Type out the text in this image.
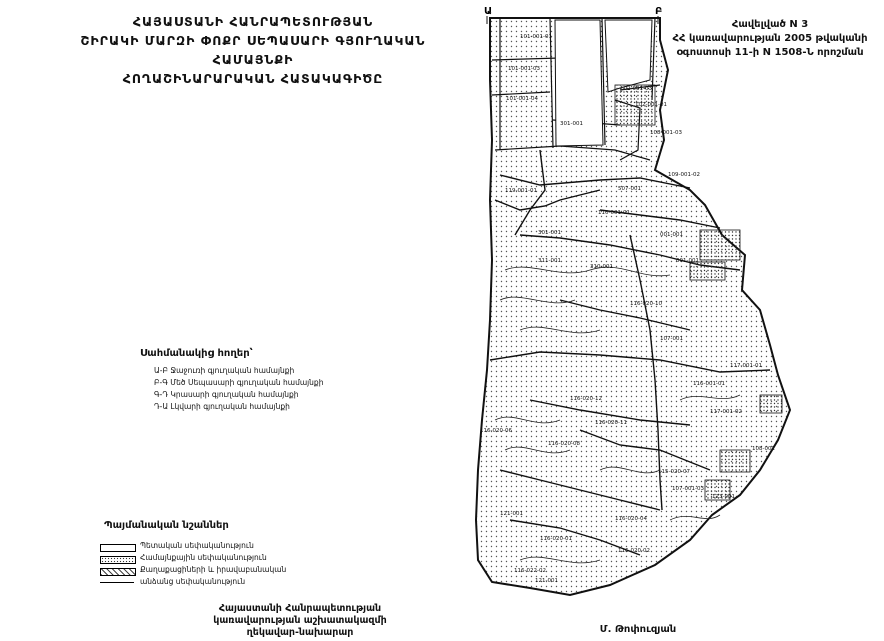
ՀԱՅԱՍՏԱՆԻ ՀԱՆՐԱՊԵՏՈՒԹՅԱՆ
ՇԻՐԱԿԻ ՄԱՐԶԻ ՓՈՔՐ ՍԵՊԱՍԱՐԻ ԳՅՈՒՂԱԿԱՆ ՀԱՄԱՅՆՔԻ
ՀՈՂԱՇԻՆԱՐԱՐԱԿԱՆ ՀԱՏԱԿԱԳԻԾԸ
Հավելված N 3
ՀՀ կառավարության 2005 թվականի
օգոստոսի 11-ի N 1508-Ն որոշման
101-001-01
101-001-03
101-001-04
301-001
102-001-03
102-001-01
108-001-03
109-001-02
507-001
119-001-01
110-001-01
301-001
311-001
310-001
116-020-10
107-001
117-001-01
116-001-01
116-020-12
116-020-11
116-020-08
116-020-06
116-020-04
116-020-02
116-020-01
116-022-02
121-001
108-001
115-020-07
117-001-02
107-001-03
123-001
121-001
001-001
001-001
Ա	Բ
Սահմանակից հողեր՝
Ա-Բ Ջաջուռի գյուղական համայնքի
Բ-Գ Մեծ Սեպասարի գյուղական համայնքի
Գ-Դ Կրասարի գյուղական համայնքի
Դ-Ա Լկվարի գյուղական համայնքի
Պայմանական նշաններ
Պետական սեփականություն
Համայնքային սեփականություն
Քաղաքացիների և իրավաբանական
անձանց սեփականություն
Հայաստանի Հանրապետության
կառավարության աշխատակազմի
ղեկավար-նախարար	Մ. Թոփուզյան
